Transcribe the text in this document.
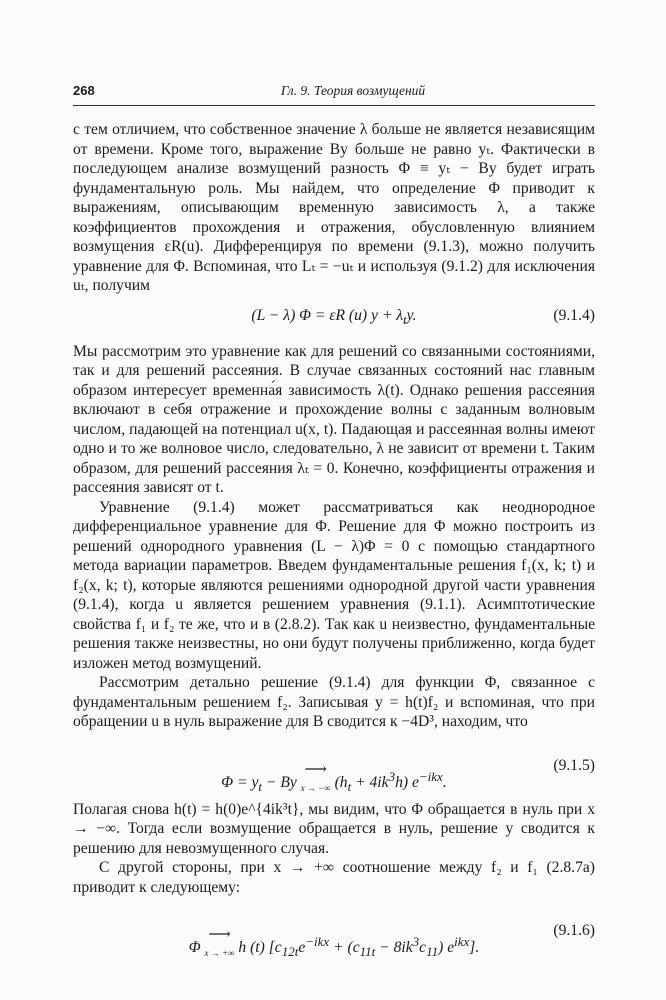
268	Гл. 9. Теория возмущений

с тем отличием, что собственное значение λ больше не является независящим от времени. Кроме того, выражение By больше не равно yₜ. Фактически в последующем анализе возмущений разность Φ ≡ yₜ − By будет играть фундаментальную роль. Мы найдем, что определение Φ приводит к выражениям, описывающим временную зависимость λ, а также коэффициентов прохождения и отражения, обусловленную влиянием возмущения εR(u). Дифференцируя по времени (9.1.3), можно получить уравнение для Φ. Вспоминая, что Lₜ = −uₜ и используя (9.1.2) для исключения uₜ, получим

(L − λ) Φ = εR (u) $y + \lambda_ty$.	(9.1.4)

Мы рассмотрим это уравнение как для решений со связанными состояниями, так и для решений рассеяния. В случае связанных состояний нас главным образом интересует временна́я зависимость λ(t). Однако решения рассеяния включают в себя отражение и прохождение волны с заданным волновым числом, падающей на потенциал u(x, t). Падающая и рассеянная волны имеют одно и то же волновое число, следовательно, λ не зависит от времени t. Таким образом, для решений рассеяния λₜ = 0. Конечно, коэффициенты отражения и рассеяния зависят от t.

Уравнение (9.1.4) может рассматриваться как неоднородное дифференциальное уравнение для Φ. Решение для Φ можно построить из решений однородного уравнения (L − λ)Φ = 0 с помощью стандартного метода вариации параметров. Введем фундаментальные решения f₁(x, k; t) и f₂(x, k; t), которые являются решениями однородной другой части уравнения (9.1.4), когда u является решением уравнения (9.1.1). Асимптотические свойства f₁ и f₂ те же, что и в (2.8.2). Так как u неизвестно, фундаментальные решения также неизвестны, но они будут получены приближенно, когда будет изложен метод возмущений.

Рассмотрим детально решение (9.1.4) для функции Φ, связанное с фундаментальным решением f₂. Записывая y = h(t)f₂ и вспоминая, что при обращении u в нуль выражение для B сводится к −4D³, находим, что

$\Phi = y_t - By$ ⟶
x → −∞ $(h_t + 4ik^3h)$ $e^{-ikx}$.
(9.1.5)

Полагая снова h(t) = h(0)e^{4ik³t}, мы видим, что Φ обращается в нуль при x → −∞. Тогда если возмущение обращается в нуль, решение y сводится к решению для невозмущенного случая.

С другой стороны, при x → +∞ соотношение между f₂ и f₁ (2.8.7а) приводит к следующему:

Φ ⟶
x → +∞ h (t) [$c_{12t}e^{-ikx} + (c_{11t} - 8ik^3c_{11})$ $e^{ikx}$].
(9.1.6)
